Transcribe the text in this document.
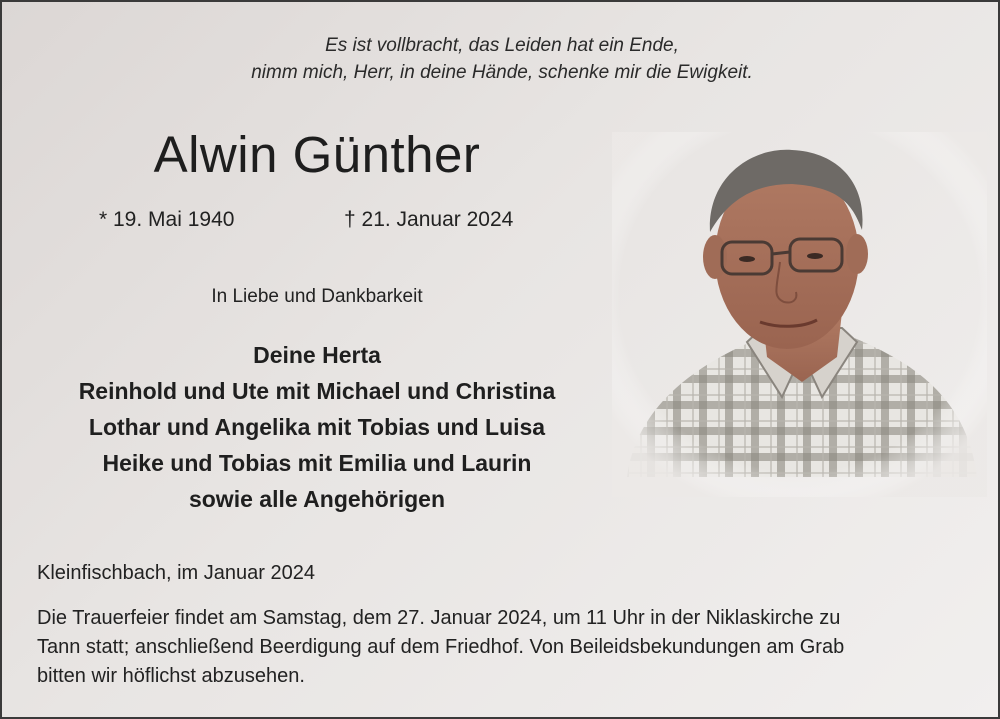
Es ist vollbracht, das Leiden hat ein Ende,
nimm mich, Herr, in deine Hände, schenke mir die Ewigkeit.
Alwin Günther
* 19. Mai 1940	† 21. Januar 2024
In Liebe und Dankbarkeit
Deine Herta
Reinhold und Ute mit Michael und Christina
Lothar und Angelika mit Tobias und Luisa
Heike und Tobias mit Emilia und Laurin
sowie alle Angehörigen
Kleinfischbach, im Januar 2024
Die Trauerfeier findet am Samstag, dem 27. Januar 2024, um 11 Uhr in der Niklaskirche zu
Tann statt; anschließend Beerdigung auf dem Friedhof. Von Beileidsbekundungen am Grab
bitten wir höflichst abzusehen.
